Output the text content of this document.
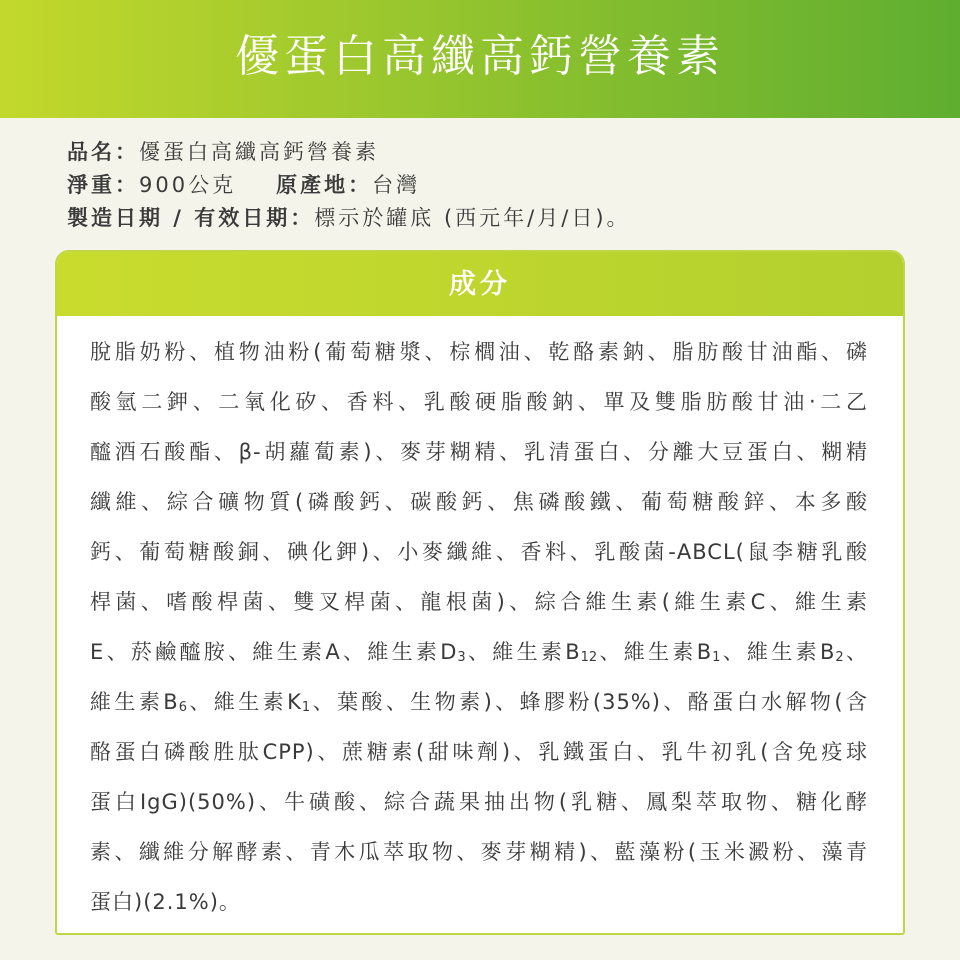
優蛋白高纖高鈣營養素
品名：優蛋白高纖高鈣營養素
淨重：900公克 原產地：台灣
製造日期 / 有效日期：標示於罐底 (西元年/月/日)。
成分
脫脂奶粉、植物油粉(葡萄糖漿、棕櫚油、乾酪素鈉、脂肪酸甘油酯、磷
酸氫二鉀、二氧化矽、香料、乳酸硬脂酸鈉、單及雙脂肪酸甘油‧二乙
醯酒石酸酯、β-胡蘿蔔素)、麥芽糊精、乳清蛋白、分離大豆蛋白、糊精
纖維、綜合礦物質(磷酸鈣、碳酸鈣、焦磷酸鐵、葡萄糖酸鋅、本多酸
鈣、葡萄糖酸銅、碘化鉀)、小麥纖維、香料、乳酸菌-ABCL(鼠李糖乳酸
桿菌、嗜酸桿菌、雙叉桿菌、龍根菌)、綜合維生素(維生素C、維生素
E、菸鹼醯胺、維生素A、維生素$D_3$、維生素$B_{12}$、維生素$B_1$、維生素$B_2$、
維生素$B_6$、維生素$K_1$、葉酸、生物素)、蜂膠粉(35%)、酪蛋白水解物(含
酪蛋白磷酸胜肽CPP)、蔗糖素(甜味劑)、乳鐵蛋白、乳牛初乳(含免疫球
蛋白IgG)(50%)、牛磺酸、綜合蔬果抽出物(乳糖、鳳梨萃取物、糖化酵
素、纖維分解酵素、青木瓜萃取物、麥芽糊精)、藍藻粉(玉米澱粉、藻青
蛋白)(2.1%)。
